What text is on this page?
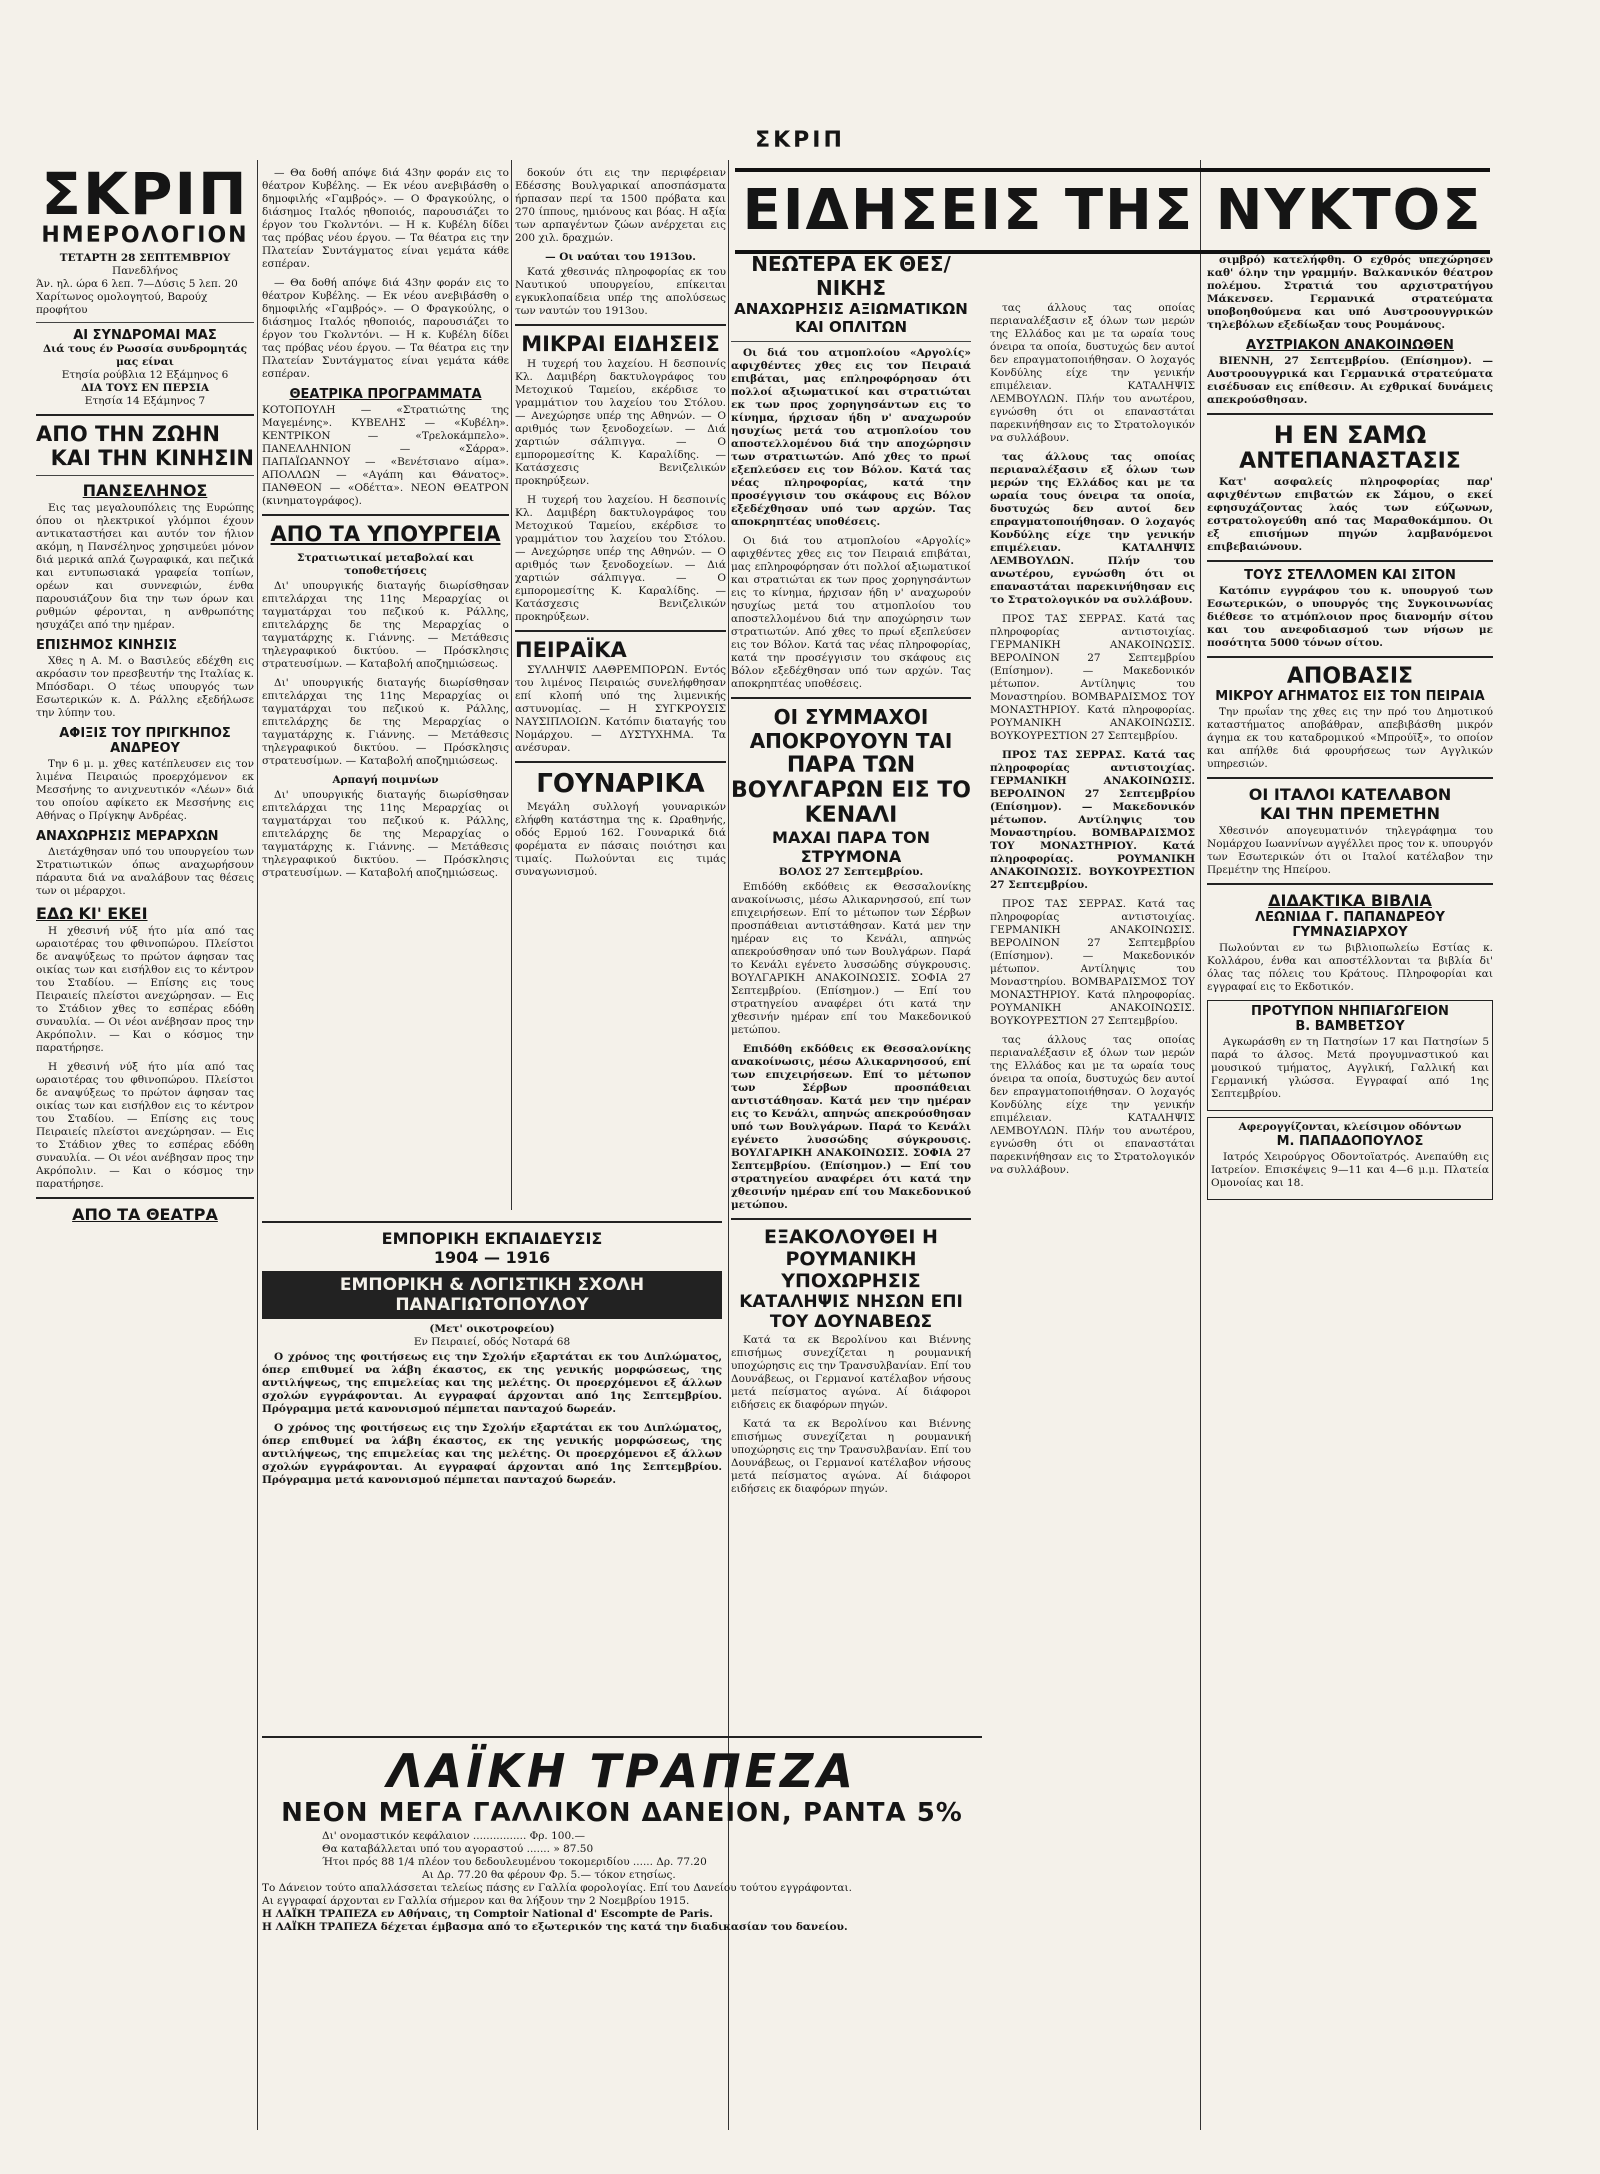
ΣΚΡΙΠ
ΣΚΡΙΠ
ΗΜΕΡΟΛΟΓΙΟΝ
ΤΕΤΑΡΤΗ 28 ΣΕΠΤΕΜΒΡΙΟΥ
Πανεδλήνος
Άν. ηλ. ώρα 6 λεπ. 7—Δύσις 5 λεπ. 20
Χαρίτωνος ομολογητού, Βαρούχ προφήτου
ΑΙ ΣΥΝΔΡΟΜΑΙ ΜΑΣ
Διά τους έν Ρωσσία συνδρομητάς μας είναι
Ετησία ρούβλια 12 Εξάμηνος 6
ΔΙΑ ΤΟΥΣ ΕΝ ΠΕΡΣΙΑ
Ετησία 14 Εξάμηνος 7
ΑΠΟ ΤΗΝ ΖΩΗΝ
ΚΑΙ ΤΗΝ ΚΙΝΗΣΙΝ
ΠΑΝΣΕΛΗΝΟΣ

Εις τας μεγαλουπόλεις της Ευρώπης όπου οι ηλεκτρικοί γλόμποι έχουν αντικαταστήσει και αυτόν τον ήλιον ακόμη, η Πανσέληνος χρησιμεύει μόνον διά μερικά απλά ζωγραφικά, και πεζικά και εντυπωσιακά γραφεία τοπίων, ορέων και συννεφιών, ένθα παρουσιάζουν δια την των όρων και ρυθμών φέρονται, η ανθρωπότης ησυχάζει από την ημέραν.

ΕΠΙΣΗΜΟΣ ΚΙΝΗΣΙΣ

Χθες η Α. Μ. ο Βασιλεύς εδέχθη εις ακρόασιν τον πρεσβευτήν της Ιταλίας κ. Μπόσδαρι. Ο τέως υπουργός των Εσωτερικών κ. Δ. Ράλλης εξεδήλωσε την λύπην του.

ΑΦΙΞΙΣ ΤΟΥ ΠΡΙΓΚΗΠΟΣ ΑΝΔΡΕΟΥ

Την 6 μ. μ. χθες κατέπλευσεν εις τον λιμένα Πειραιώς προερχόμενον εκ Μεσσήνης το ανιχνευτικόν «Λέων» διά του οποίου αφίκετο εκ Μεσσήνης εις Αθήνας ο Πρίγκηψ Ανδρέας.

ΑΝΑΧΩΡΗΣΙΣ ΜΕΡΑΡΧΩΝ

Διετάχθησαν υπό του υπουργείου των Στρατιωτικών όπως αναχωρήσουν πάραυτα διά να αναλάβουν τας θέσεις των οι μέραρχοι.

ΕΔΩ ΚΙ' ΕΚΕΙ

Η χθεσινή νύξ ήτο μία από τας ωραιοτέρας του φθινοπώρου. Πλείστοι δε αναψύξεως το πρώτον άφησαν τας οικίας των και εισήλθον εις το κέντρον του Σταδίου. — Επίσης εις τους Πειραιείς πλείστοι ανεχώρησαν. — Εις το Στάδιον χθες το εσπέρας εδόθη συναυλία. — Οι νέοι ανέβησαν προς την Ακρόπολιν. — Και ο κόσμος την παρατήρησε.

Η χθεσινή νύξ ήτο μία από τας ωραιοτέρας του φθινοπώρου. Πλείστοι δε αναψύξεως το πρώτον άφησαν τας οικίας των και εισήλθον εις το κέντρον του Σταδίου. — Επίσης εις τους Πειραιείς πλείστοι ανεχώρησαν. — Εις το Στάδιον χθες το εσπέρας εδόθη συναυλία. — Οι νέοι ανέβησαν προς την Ακρόπολιν. — Και ο κόσμος την παρατήρησε.

ΑΠΟ ΤΑ ΘΕΑΤΡΑ

— Θα δοθή απόψε διά 43ην φοράν εις το θέατρον Κυβέλης. — Εκ νέου ανεβιβάσθη ο δημοφιλής «Γαμβρός». — Ο Φραγκούλης, ο διάσημος Ιταλός ηθοποιός, παρουσιάζει το έργον του Γκολντόνι. — Η κ. Κυβέλη δίδει τας πρόβας νέου έργου. — Τα θέατρα εις την Πλατείαν Συντάγματος είναι γεμάτα κάθε εσπέραν.

— Θα δοθή απόψε διά 43ην φοράν εις το θέατρον Κυβέλης. — Εκ νέου ανεβιβάσθη ο δημοφιλής «Γαμβρός». — Ο Φραγκούλης, ο διάσημος Ιταλός ηθοποιός, παρουσιάζει το έργον του Γκολντόνι. — Η κ. Κυβέλη δίδει τας πρόβας νέου έργου. — Τα θέατρα εις την Πλατείαν Συντάγματος είναι γεμάτα κάθε εσπέραν.

ΘΕΑΤΡΙΚΑ ΠΡΟΓΡΑΜΜΑΤΑ

ΚΟΤΟΠΟΥΛΗ — «Στρατιώτης της Μαγεμένης». ΚΥΒΕΛΗΣ — «Κυβέλη». ΚΕΝΤΡΙΚΟΝ — «Τρελοκάμπελο». ΠΑΝΕΛΛΗΝΙΟΝ — «Σάρρα». ΠΑΠΑΪΩΑΝΝΟΥ — «Βενέτσιανο αίμα». ΑΠΟΛΛΩΝ — «Αγάπη και Θάνατος». ΠΑΝΘΕΟΝ — «Οδέττα». ΝΕΟΝ ΘΕΑΤΡΟΝ (κινηματογράφος).

ΑΠΟ ΤΑ ΥΠΟΥΡΓΕΙΑ
Στρατιωτικαί μεταβολαί και τοποθετήσεις

Δι' υπουργικής διαταγής διωρίσθησαν επιτελάρχαι της 11ης Μεραρχίας οι ταγματάρχαι του πεζικού κ. Ράλλης, επιτελάρχης δε της Μεραρχίας ο ταγματάρχης κ. Γιάννης. — Μετάθεσις τηλεγραφικού δικτύου. — Πρόσκλησις στρατευσίμων. — Καταβολή αποζημιώσεως.

Δι' υπουργικής διαταγής διωρίσθησαν επιτελάρχαι της 11ης Μεραρχίας οι ταγματάρχαι του πεζικού κ. Ράλλης, επιτελάρχης δε της Μεραρχίας ο ταγματάρχης κ. Γιάννης. — Μετάθεσις τηλεγραφικού δικτύου. — Πρόσκλησις στρατευσίμων. — Καταβολή αποζημιώσεως.

Αρπαγή ποιμνίων

Δι' υπουργικής διαταγής διωρίσθησαν επιτελάρχαι της 11ης Μεραρχίας οι ταγματάρχαι του πεζικού κ. Ράλλης, επιτελάρχης δε της Μεραρχίας ο ταγματάρχης κ. Γιάννης. — Μετάθεσις τηλεγραφικού δικτύου. — Πρόσκλησις στρατευσίμων. — Καταβολή αποζημιώσεως.

δοκούν ότι εις την περιφέρειαν Εδέσσης Βουλγαρικαί αποσπάσματα ήρπασαν περί τα 1500 πρόβατα και 270 ίππους, ημιόνους και βόας. Η αξία των αρπαγέντων ζώων ανέρχεται εις 200 χιλ. δραχμών.

— Οι ναύται του 1913ου.

Κατά χθεσινάς πληροφορίας εκ του Ναυτικού υπουργείου, επίκειται εγκυκλοπαίδεια υπέρ της απολύσεως των ναυτών του 1913ου.

ΜΙΚΡΑΙ ΕΙΔΗΣΕΙΣ

Η τυχερή του λαχείου. Η δεσποινίς Κλ. Δαμιβέρη δακτυλογράφος του Μετοχικού Ταμείου, εκέρδισε το γραμμάτιον του λαχείου του Στόλου. — Ανεχώρησε υπέρ της Αθηνών. — Ο αριθμός των ξενοδοχείων. — Διά χαρτιών σάλπιγγα. — Ο εμπορομεσίτης Κ. Καραλίδης. — Κατάσχεσις Βενιζελικών προκηρύξεων.

Η τυχερή του λαχείου. Η δεσποινίς Κλ. Δαμιβέρη δακτυλογράφος του Μετοχικού Ταμείου, εκέρδισε το γραμμάτιον του λαχείου του Στόλου. — Ανεχώρησε υπέρ της Αθηνών. — Ο αριθμός των ξενοδοχείων. — Διά χαρτιών σάλπιγγα. — Ο εμπορομεσίτης Κ. Καραλίδης. — Κατάσχεσις Βενιζελικών προκηρύξεων.

ΠΕΙΡΑΪΚΑ

ΣΥΛΛΗΨΙΣ ΛΑΘΡΕΜΠΟΡΩΝ. Εντός του λιμένος Πειραιώς συνελήφθησαν επί κλοπή υπό της λιμενικής αστυνομίας. — Η ΣΥΓΚΡΟΥΣΙΣ ΝΑΥΣΙΠΛΟΙΩΝ. Κατόπιν διαταγής του Νομάρχου. — ΔΥΣΤΥΧΗΜΑ. Τα ανέσυραν.

ΓΟΥΝΑΡΙΚΑ

Μεγάλη συλλογή γουναρικών ελήφθη κατάστημα της κ. Ωραθηνής, οδός Ερμού 162. Γουναρικά διά φορέματα εν πάσαις ποιότησι και τιμαίς. Πωλούνται εις τιμάς συναγωνισμού.

ΕΜΠΟΡΙΚΗ ΕΚΠΑΙΔΕΥΣΙΣ
1904 — 1916
ΕΜΠΟΡΙΚΗ & ΛΟΓΙΣΤΙΚΗ ΣΧΟΛΗ ΠΑΝΑΓΙΩΤΟΠΟΥΛΟΥ
(Μετ' οικοτροφείου)
Εν Πειραιεί, οδός Νοταρά 68

Ο χρόνος της φοιτήσεως εις την Σχολήν εξαρτάται εκ του Διπλώματος, όπερ επιθυμεί να λάβη έκαστος, εκ της γενικής μορφώσεως, της αντιλήψεως, της επιμελείας και της μελέτης. Οι προερχόμενοι εξ άλλων σχολών εγγράφονται. Αι εγγραφαί άρχονται από 1ης Σεπτεμβρίου. Πρόγραμμα μετά κανονισμού πέμπεται πανταχού δωρεάν.

Ο χρόνος της φοιτήσεως εις την Σχολήν εξαρτάται εκ του Διπλώματος, όπερ επιθυμεί να λάβη έκαστος, εκ της γενικής μορφώσεως, της αντιλήψεως, της επιμελείας και της μελέτης. Οι προερχόμενοι εξ άλλων σχολών εγγράφονται. Αι εγγραφαί άρχονται από 1ης Σεπτεμβρίου. Πρόγραμμα μετά κανονισμού πέμπεται πανταχού δωρεάν.

ΛΑΪΚΗ ΤΡΑΠΕΖΑ
ΝΕΟΝ ΜΕΓΑ ΓΑΛΛΙΚΟΝ ΔΑΝΕΙΟΝ, ΡΑΝΤΑ 5%
Δι' ονομαστικόν κεφάλαιον ................ Φρ. 100.—
Θα καταβάλλεται υπό του αγοραστού ....... » 87.50
Ήτοι πρός 88 1/4 πλέον του δεδουλευμένου τοκομεριδίου ...... Δρ. 77.20
Αι Δρ. 77.20 θα φέρουν Φρ. 5.— τόκον ετησίως.
Το Δάνειον τούτο απαλλάσσεται τελείως πάσης εν Γαλλία φορολογίας. Επί του Δανείου τούτου εγγράφονται.
Αι εγγραφαί άρχονται εν Γαλλία σήμερον και θα λήξουν την 2 Νοεμβρίου 1915.
Η ΛΑΪΚΗ ΤΡΑΠΕΖΑ εν Αθήναις, τη Comptoir National d' Escompte de Paris.
Η ΛΑΪΚΗ ΤΡΑΠΕΖΑ δέχεται έμβασμα από το εξωτερικόν της κατά την διαδικασίαν του δανείου.
ΕΙΔΗΣΕΙΣ ΤΗΣ ΝΥΚΤΟΣ
ΝΕΩΤΕΡΑ ΕΚ ΘΕΣ/ΝΙΚΗΣ
ΑΝΑΧΩΡΗΣΙΣ ΑΞΙΩΜΑΤΙΚΩΝ ΚΑΙ ΟΠΛΙΤΩΝ

Οι διά του ατμοπλοίου «Αργολίς» αφιχθέντες χθες εις τον Πειραιά επιβάται, μας επληροφόρησαν ότι πολλοί αξιωματικοί και στρατιώται εκ των προς χορηγησάντων εις το κίνημα, ήρχισαν ήδη ν' αναχωρούν ησυχίως μετά του ατμοπλοίου του αποστελλομένου διά την αποχώρησιν των στρατιωτών. Από χθες το πρωί εξεπλεύσεν εις τον Βόλον. Κατά τας νέας πληροφορίας, κατά την προσέγγισιν του σκάφους εις Βόλον εξεδέχθησαν υπό των αρχών. Τας αποκρηπτέας υποθέσεις.

Οι διά του ατμοπλοίου «Αργολίς» αφιχθέντες χθες εις τον Πειραιά επιβάται, μας επληροφόρησαν ότι πολλοί αξιωματικοί και στρατιώται εκ των προς χορηγησάντων εις το κίνημα, ήρχισαν ήδη ν' αναχωρούν ησυχίως μετά του ατμοπλοίου του αποστελλομένου διά την αποχώρησιν των στρατιωτών. Από χθες το πρωί εξεπλεύσεν εις τον Βόλον. Κατά τας νέας πληροφορίας, κατά την προσέγγισιν του σκάφους εις Βόλον εξεδέχθησαν υπό των αρχών. Τας αποκρηπτέας υποθέσεις.

ΟΙ ΣΥΜΜΑΧΟΙ ΑΠΟΚΡΟΥΟΥΝ ΤΑΙ
ΠΑΡΑ ΤΩΝ ΒΟΥΛΓΑΡΩΝ ΕΙΣ ΤΟ ΚΕΝΑΛΙ
ΜΑΧΑΙ ΠΑΡΑ ΤΟΝ ΣΤΡΥΜΟΝΑ
ΒΟΛΟΣ 27 Σεπτεμβρίου.

Επιδόθη εκδόθεις εκ Θεσσαλονίκης ανακοίνωσις, μέσω Αλικαρνησσού, επί των επιχειρήσεων. Επί το μέτωπον των Σέρβων προσπάθειαι αντιστάθησαν. Κατά μεν την ημέραν εις το Κενάλι, απηνώς απεκρούσθησαν υπό των Βουλγάρων. Παρά το Κενάλι εγένετο λυσσώδης σύγκρουσις. ΒΟΥΛΓΑΡΙΚΗ ΑΝΑΚΟΙΝΩΣΙΣ. ΣΟΦΙΑ 27 Σεπτεμβρίου. (Επίσημον.) — Επί του στρατηγείου αναφέρει ότι κατά την χθεσινήν ημέραν επί του Μακεδονικού μετώπου.

Επιδόθη εκδόθεις εκ Θεσσαλονίκης ανακοίνωσις, μέσω Αλικαρνησσού, επί των επιχειρήσεων. Επί το μέτωπον των Σέρβων προσπάθειαι αντιστάθησαν. Κατά μεν την ημέραν εις το Κενάλι, απηνώς απεκρούσθησαν υπό των Βουλγάρων. Παρά το Κενάλι εγένετο λυσσώδης σύγκρουσις. ΒΟΥΛΓΑΡΙΚΗ ΑΝΑΚΟΙΝΩΣΙΣ. ΣΟΦΙΑ 27 Σεπτεμβρίου. (Επίσημον.) — Επί του στρατηγείου αναφέρει ότι κατά την χθεσινήν ημέραν επί του Μακεδονικού μετώπου.

ΕΞΑΚΟΛΟΥΘΕΙ Η ΡΟΥΜΑΝΙΚΗ ΥΠΟΧΩΡΗΣΙΣ
ΚΑΤΑΛΗΨΙΣ ΝΗΣΩΝ ΕΠΙ ΤΟΥ ΔΟΥΝΑΒΕΩΣ

Κατά τα εκ Βερολίνου και Βιέννης επισήμως συνεχίζεται η ρουμανική υποχώρησις εις την Τρανσυλβανίαν. Επί του Δουνάβεως, οι Γερμανοί κατέλαβον νήσους μετά πείσματος αγώνα. Αί διάφοροι ειδήσεις εκ διαφόρων πηγών.

Κατά τα εκ Βερολίνου και Βιέννης επισήμως συνεχίζεται η ρουμανική υποχώρησις εις την Τρανσυλβανίαν. Επί του Δουνάβεως, οι Γερμανοί κατέλαβον νήσους μετά πείσματος αγώνα. Αί διάφοροι ειδήσεις εκ διαφόρων πηγών.

τας άλλους τας οποίας περιαναλέξασιν εξ όλων των μερών της Ελλάδος και με τα ωραία τους όνειρα τα οποία, δυστυχώς δεν αυτοί δεν επραγματοποιήθησαν. Ο λοχαγός Κονδύλης είχε την γενικήν επιμέλειαν. ΚΑΤΑΛΗΨΙΣ ΛΕΜΒΟΥΛΩΝ. Πλήν του ανωτέρου, εγνώσθη ότι οι επαναστάται παρεκινήθησαν εις το Στρατολογικόν να συλλάβουν.

τας άλλους τας οποίας περιαναλέξασιν εξ όλων των μερών της Ελλάδος και με τα ωραία τους όνειρα τα οποία, δυστυχώς δεν αυτοί δεν επραγματοποιήθησαν. Ο λοχαγός Κονδύλης είχε την γενικήν επιμέλειαν. ΚΑΤΑΛΗΨΙΣ ΛΕΜΒΟΥΛΩΝ. Πλήν του ανωτέρου, εγνώσθη ότι οι επαναστάται παρεκινήθησαν εις το Στρατολογικόν να συλλάβουν.

ΠΡΟΣ ΤΑΣ ΣΕΡΡΑΣ. Κατά τας πληροφορίας αντιστοιχίας. ΓΕΡΜΑΝΙΚΗ ΑΝΑΚΟΙΝΩΣΙΣ. ΒΕΡΟΛΙΝΟΝ 27 Σεπτεμβρίου (Επίσημον). — Μακεδονικόν μέτωπον. Αντίληψις του Μοναστηρίου. ΒΟΜΒΑΡΔΙΣΜΟΣ ΤΟΥ ΜΟΝΑΣΤΗΡΙΟΥ. Κατά πληροφορίας. ΡΟΥΜΑΝΙΚΗ ΑΝΑΚΟΙΝΩΣΙΣ. ΒΟΥΚΟΥΡΕΣΤΙΟΝ 27 Σεπτεμβρίου.

ΠΡΟΣ ΤΑΣ ΣΕΡΡΑΣ. Κατά τας πληροφορίας αντιστοιχίας. ΓΕΡΜΑΝΙΚΗ ΑΝΑΚΟΙΝΩΣΙΣ. ΒΕΡΟΛΙΝΟΝ 27 Σεπτεμβρίου (Επίσημον). — Μακεδονικόν μέτωπον. Αντίληψις του Μοναστηρίου. ΒΟΜΒΑΡΔΙΣΜΟΣ ΤΟΥ ΜΟΝΑΣΤΗΡΙΟΥ. Κατά πληροφορίας. ΡΟΥΜΑΝΙΚΗ ΑΝΑΚΟΙΝΩΣΙΣ. ΒΟΥΚΟΥΡΕΣΤΙΟΝ 27 Σεπτεμβρίου.

ΠΡΟΣ ΤΑΣ ΣΕΡΡΑΣ. Κατά τας πληροφορίας αντιστοιχίας. ΓΕΡΜΑΝΙΚΗ ΑΝΑΚΟΙΝΩΣΙΣ. ΒΕΡΟΛΙΝΟΝ 27 Σεπτεμβρίου (Επίσημον). — Μακεδονικόν μέτωπον. Αντίληψις του Μοναστηρίου. ΒΟΜΒΑΡΔΙΣΜΟΣ ΤΟΥ ΜΟΝΑΣΤΗΡΙΟΥ. Κατά πληροφορίας. ΡΟΥΜΑΝΙΚΗ ΑΝΑΚΟΙΝΩΣΙΣ. ΒΟΥΚΟΥΡΕΣΤΙΟΝ 27 Σεπτεμβρίου.

τας άλλους τας οποίας περιαναλέξασιν εξ όλων των μερών της Ελλάδος και με τα ωραία τους όνειρα τα οποία, δυστυχώς δεν αυτοί δεν επραγματοποιήθησαν. Ο λοχαγός Κονδύλης είχε την γενικήν επιμέλειαν. ΚΑΤΑΛΗΨΙΣ ΛΕΜΒΟΥΛΩΝ. Πλήν του ανωτέρου, εγνώσθη ότι οι επαναστάται παρεκινήθησαν εις το Στρατολογικόν να συλλάβουν.

σιμβρό) κατελήφθη. Ο εχθρός υπεχώρησεν καθ' όλην την γραμμήν. Βαλκανικόν θέατρον πολέμου. Στρατιά του αρχιστρατήγου Μάκενσεν. Γερμανικά στρατεύματα υποβοηθούμενα και υπό Αυστροουγγρικών τηλεβόλων εξεδίωξαν τους Ρουμάνους.

ΑΥΣΤΡΙΑΚΟΝ ΑΝΑΚΟΙΝΩΘΕΝ

ΒΙΕΝΝΗ, 27 Σεπτεμβρίου. (Επίσημον). — Αυστροουγγρικά και Γερμανικά στρατεύματα εισέδυσαν εις επίθεσιν. Αι εχθρικαί δυνάμεις απεκρούσθησαν.

Η ΕΝ ΣΑΜΩ
ΑΝΤΕΠΑΝΑΣΤΑΣΙΣ

Κατ' ασφαλείς πληροφορίας παρ' αφιχθέντων επιβατών εκ Σάμου, ο εκεί εφησυχάζοντας λαός των εύζωνων, εστρατολογεύθη από τας Μαραθοκάμπου. Οι εξ επισήμων πηγών λαμβανόμενοι επιβεβαιώνουν.

ΤΟΥΣ ΣΤΕΛΛΟΜΕΝ ΚΑΙ ΣΙΤΟΝ

Κατόπιν εγγράφου του κ. υπουργού των Εσωτερικών, ο υπουργός της Συγκοινωνίας διέθεσε το ατμόπλοιον προς διανομήν σίτου και του ανεφοδιασμού των νήσων με ποσότητα 5000 τόνων σίτου.

ΑΠΟΒΑΣΙΣ
ΜΙΚΡΟΥ ΑΓΗΜΑΤΟΣ ΕΙΣ ΤΟΝ ΠΕΙΡΑΙΑ

Την πρωΐαν της χθες εις την πρό του Δημοτικού καταστήματος αποβάθραν, απεβιβάσθη μικρόν άγημα εκ του καταδρομικού «Μπρούϊξ», το οποίον και απήλθε διά φρουρήσεως των Αγγλικών υπηρεσιών.

ΟΙ ΙΤΑΛΟΙ ΚΑΤΕΛΑΒΟΝ
ΚΑΙ ΤΗΝ ΠΡΕΜΕΤΗΝ

Χθεσινόν απογευματινόν τηλεγράφημα του Νομάρχου Ιωαννίνων αγγέλλει προς τον κ. υπουργόν των Εσωτερικών ότι οι Ιταλοί κατέλαβον την Πρεμέτην της Ηπείρου.

ΔΙΔΑΚΤΙΚΑ ΒΙΒΛΙΑ
ΛΕΩΝΙΔΑ Γ. ΠΑΠΑΝΔΡΕΟΥ
ΓΥΜΝΑΣΙΑΡΧΟΥ

Πωλούνται εν τω βιβλιοπωλείω Εστίας κ. Κολλάρου, ένθα και αποστέλλονται τα βιβλία δι' όλας τας πόλεις του Κράτους. Πληροφορίαι και εγγραφαί εις το Εκδοτικόν.

ΠΡΟΤΥΠΟΝ ΝΗΠΙΑΓΩΓΕΙΟΝ
Β. ΒΑΜΒΕΤΣΟΥ

Αγκωράσθη εν τη Πατησίων 17 και Πατησίων 5 παρά το άλσος. Μετά προγυμναστικού και μουσικού τμήματος, Αγγλική, Γαλλική και Γερμανική γλώσσα. Εγγραφαί από 1ης Σεπτεμβρίου.

Αφερογγίζονται, κλείσιμον οδόντων
Μ. ΠΑΠΑΔΟΠΟΥΛΟΣ

Ιατρός Χειρούργος Οδοντοϊατρός. Ανεπαύθη εις Ιατρείον. Επισκέψεις 9—11 και 4—6 μ.μ. Πλατεία Ομονοίας και 18.
